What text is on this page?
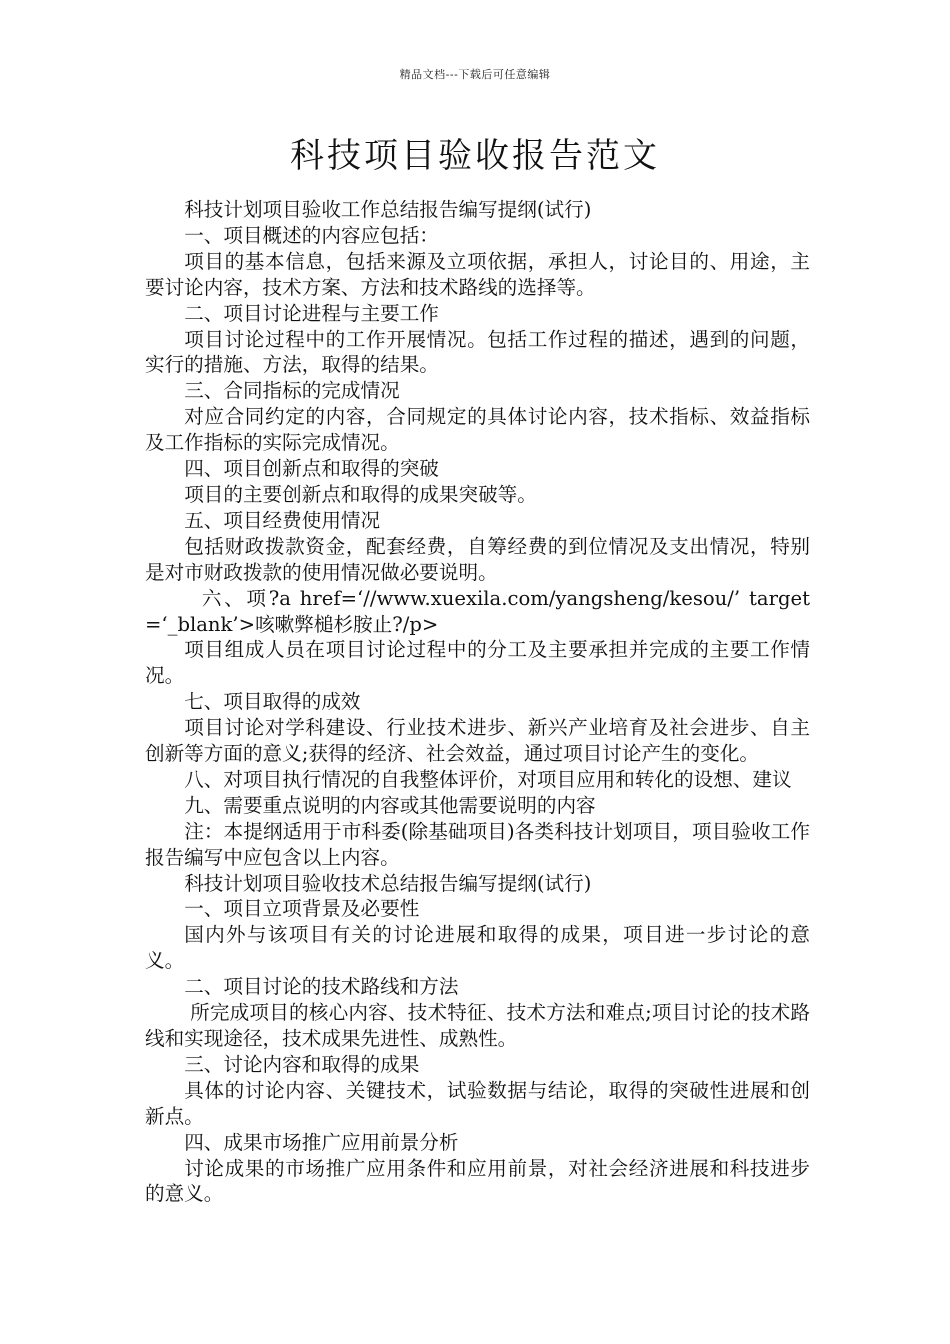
精品文档---下载后可任意编辑
科技项目验收报告范文

科技计划项目验收工作总结报告编写提纲(试行)

一、项目概述的内容应包括：

项目的基本信息，包括来源及立项依据，承担人，讨论目的、用途，主要讨论内容，技术方案、方法和技术路线的选择等。

二、项目讨论进程与主要工作

项目讨论过程中的工作开展情况。包括工作过程的描述，遇到的问题，实行的措施、方法，取得的结果。

三、合同指标的完成情况

对应合同约定的内容，合同规定的具体讨论内容，技术指标、效益指标及工作指标的实际完成情况。

四、项目创新点和取得的突破

项目的主要创新点和取得的成果突破等。

五、项目经费使用情况

包括财政拨款资金，配套经费，自筹经费的到位情况及支出情况，特别是对市财政拨款的使用情况做必要说明。

六、项?a href=‘//www.xuexila.com/yangsheng/kesou/’ target=‘_blank’>咳嗽弊槌杉胺止?/p>

项目组成人员在项目讨论过程中的分工及主要承担并完成的主要工作情况。

七、项目取得的成效

项目讨论对学科建设、行业技术进步、新兴产业培育及社会进步、自主创新等方面的意义;获得的经济、社会效益，通过项目讨论产生的变化。

八、对项目执行情况的自我整体评价，对项目应用和转化的设想、建议

九、需要重点说明的内容或其他需要说明的内容

注：本提纲适用于市科委(除基础项目)各类科技计划项目，项目验收工作报告编写中应包含以上内容。

科技计划项目验收技术总结报告编写提纲(试行)

一、项目立项背景及必要性

国内外与该项目有关的讨论进展和取得的成果，项目进一步讨论的意义。

二、项目讨论的技术路线和方法

所完成项目的核心内容、技术特征、技术方法和难点;项目讨论的技术路线和实现途径，技术成果先进性、成熟性。

三、讨论内容和取得的成果

具体的讨论内容、关键技术，试验数据与结论，取得的突破性进展和创新点。

四、成果市场推广应用前景分析

讨论成果的市场推广应用条件和应用前景，对社会经济进展和科技进步的意义。
